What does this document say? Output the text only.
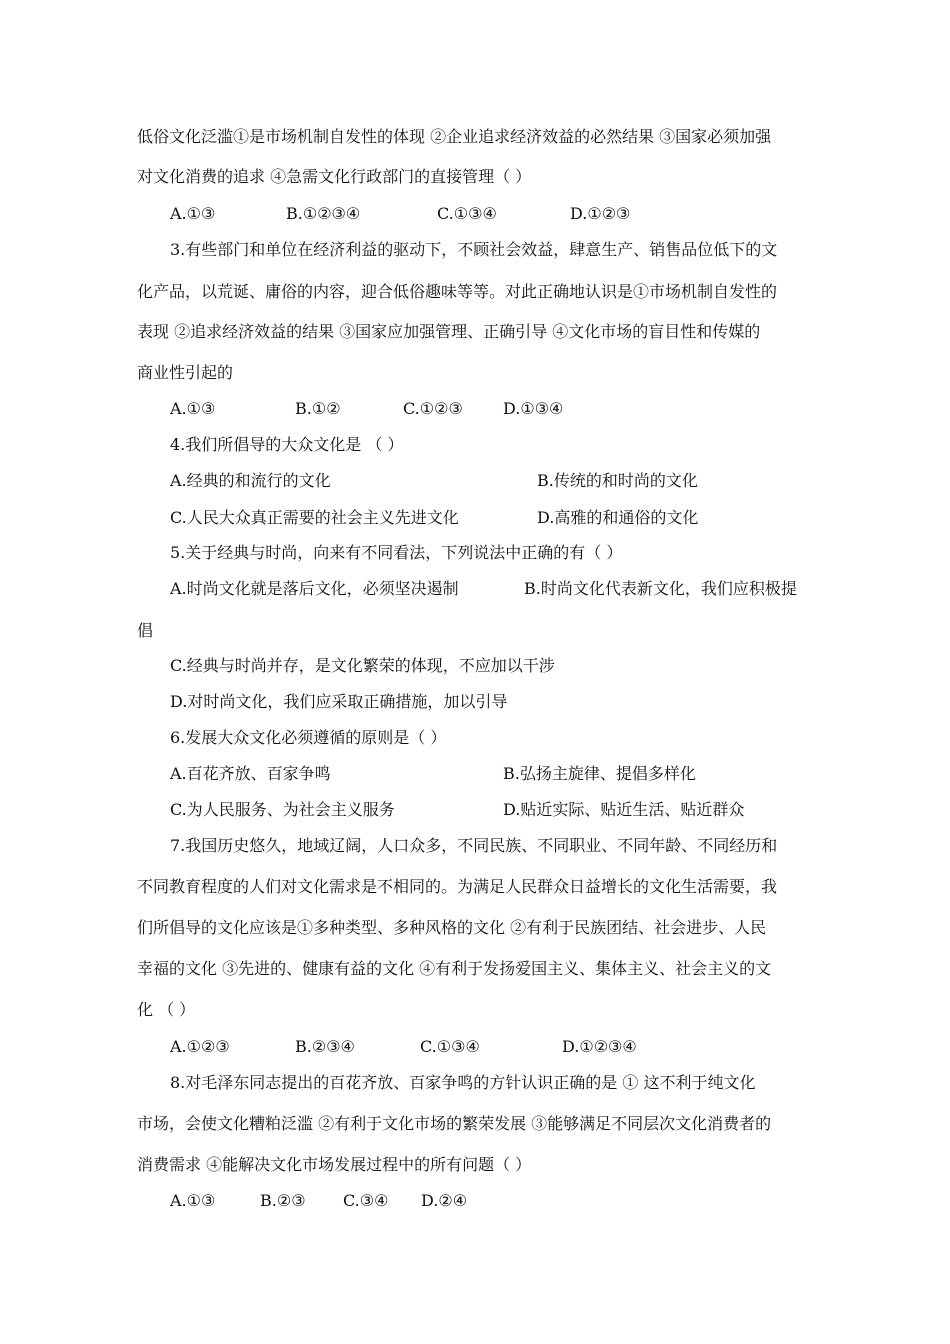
低俗文化泛滥①是市场机制自发性的体现 ②企业追求经济效益的必然结果 ③国家必须加强
对文化消费的追求 ④急需文化行政部门的直接管理（ ）
A.①③	B.①②③④	C.①③④	D.①②③
3.有些部门和单位在经济利益的驱动下，不顾社会效益，肆意生产、销售品位低下的文
化产品，以荒诞、庸俗的内容，迎合低俗趣味等等。对此正确地认识是①市场机制自发性的
表现 ②追求经济效益的结果 ③国家应加强管理、正确引导 ④文化市场的盲目性和传媒的
商业性引起的
A.①③	B.①②	C.①②③	D.①③④
4.我们所倡导的大众文化是 （ ）
A.经典的和流行的文化	B.传统的和时尚的文化
C.人民大众真正需要的社会主义先进文化	D.高雅的和通俗的文化
5.关于经典与时尚，向来有不同看法，下列说法中正确的有（ ）
A.时尚文化就是落后文化，必须坚决遏制	B.时尚文化代表新文化，我们应积极提
倡
C.经典与时尚并存，是文化繁荣的体现，不应加以干涉
D.对时尚文化，我们应采取正确措施，加以引导
6.发展大众文化必须遵循的原则是（ ）
A.百花齐放、百家争鸣	B.弘扬主旋律、提倡多样化
C.为人民服务、为社会主义服务	D.贴近实际、贴近生活、贴近群众
7.我国历史悠久，地域辽阔，人口众多，不同民族、不同职业、不同年龄、不同经历和
不同教育程度的人们对文化需求是不相同的。为满足人民群众日益增长的文化生活需要，我
们所倡导的文化应该是①多种类型、多种风格的文化 ②有利于民族团结、社会进步、人民
幸福的文化 ③先进的、健康有益的文化 ④有利于发扬爱国主义、集体主义、社会主义的文
化 （ ）
A.①②③	B.②③④	C.①③④	D.①②③④
8.对毛泽东同志提出的百花齐放、百家争鸣的方针认识正确的是 ① 这不利于纯文化
市场，会使文化糟粕泛滥 ②有利于文化市场的繁荣发展 ③能够满足不同层次文化消费者的
消费需求 ④能解决文化市场发展过程中的所有问题（ ）
A.①③	B.②③ C.③④ D.②④
